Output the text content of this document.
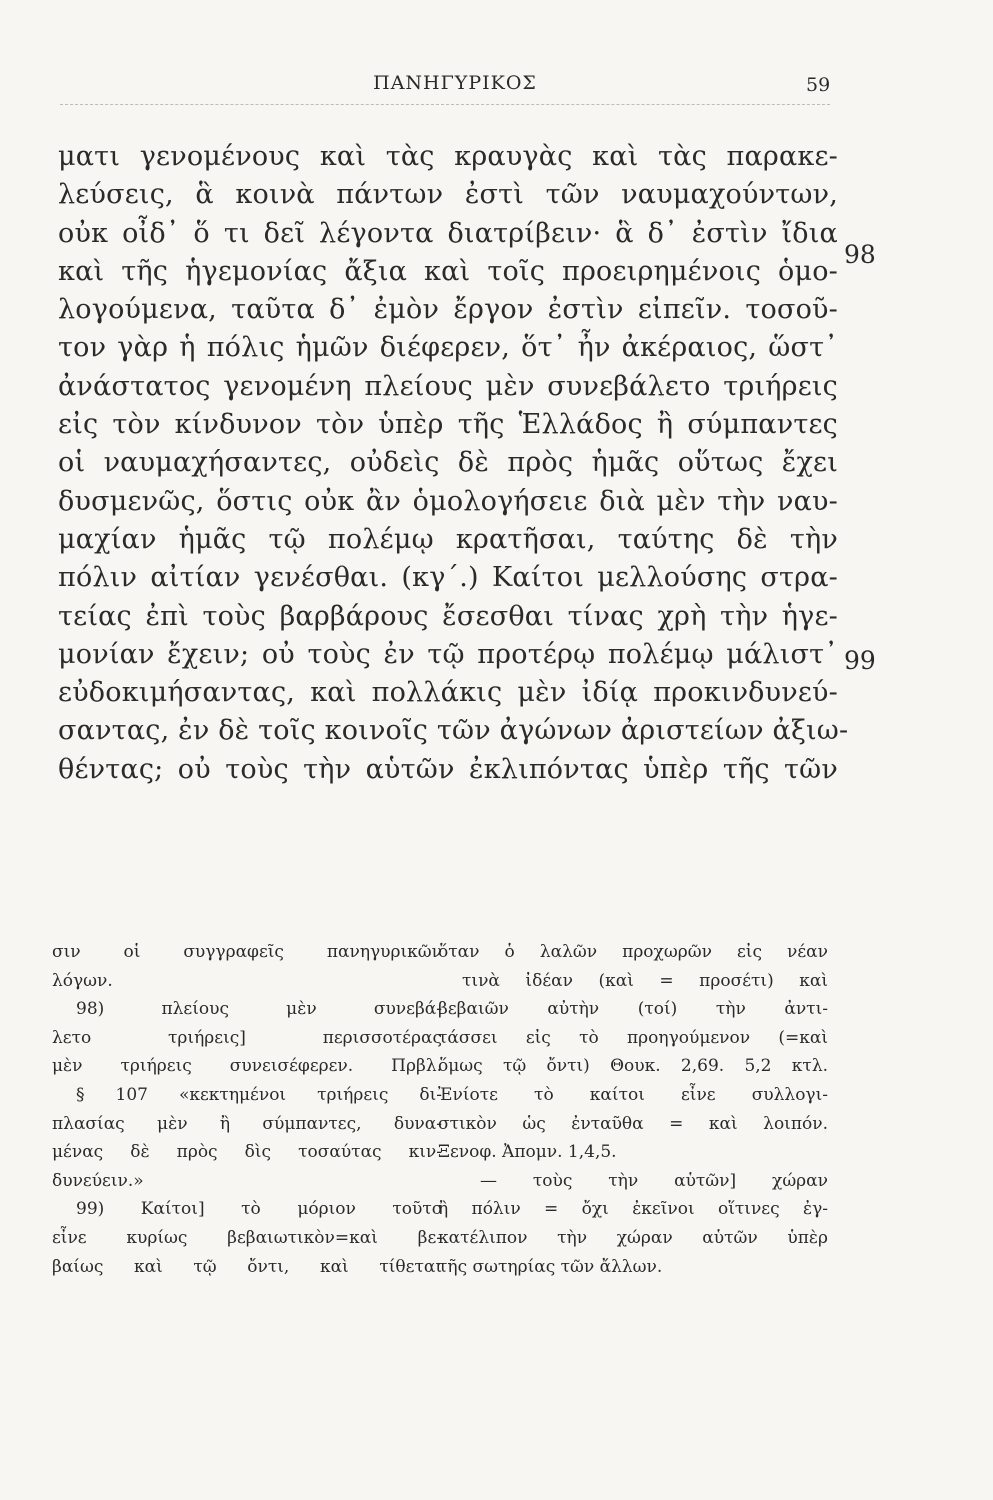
ΠΑΝΗΓΥΡΙΚΟΣ	59
ματι γενομένους καὶ τὰς κραυγὰς καὶ τὰς παρακε-
λεύσεις, ἃ κοινὰ πάντων ἐστὶ τῶν ναυμαχούντων,
οὐκ οἶδ᾽ ὅ τι δεῖ λέγοντα διατρίβειν· ἃ δ᾽ ἐστὶν ἴδια
καὶ τῆς ἡγεμονίας ἄξια καὶ τοῖς προειρημένοις ὁμο-
λογούμενα, ταῦτα δ᾽ ἐμὸν ἔργον ἐστὶν εἰπεῖν. τοσοῦ-
τον γὰρ ἡ πόλις ἡμῶν διέφερεν, ὅτ᾽ ἦν ἀκέραιος, ὥστ᾽
ἀνάστατος γενομένη πλείους μὲν συνεβάλετο τριήρεις
εἰς τὸν κίνδυνον τὸν ὑπὲρ τῆς Ἑλλάδος ἢ σύμπαντες
οἱ ναυμαχήσαντες, οὐδεὶς δὲ πρὸς ἡμᾶς οὕτως ἔχει
δυσμενῶς, ὅστις οὐκ ἂν ὁμολογήσειε διὰ μὲν τὴν ναυ-
μαχίαν ἡμᾶς τῷ πολέμῳ κρατῆσαι, ταύτης δὲ τὴν
πόλιν αἰτίαν γενέσθαι. (κγ΄.) Καίτοι μελλούσης στρα-
τείας ἐπὶ τοὺς βαρβάρους ἔσεσθαι τίνας χρὴ τὴν ἡγε-
μονίαν ἔχειν; οὐ τοὺς ἐν τῷ προτέρῳ πολέμῳ μάλιστ᾽
εὐδοκιμήσαντας, καὶ πολλάκις μὲν ἰδίᾳ προκινδυνεύ-
σαντας, ἐν δὲ τοῖς κοινοῖς τῶν ἀγώνων ἀριστείων ἀξιω-
θέντας; οὐ τοὺς τὴν αὑτῶν ἐκλιπόντας ὑπὲρ τῆς τῶν
98
99
σιν οἱ συγγραφεῖς πανηγυρικῶν
λόγων.
98) πλείους μὲν συνεβά-
λετο τριήρεις] περισσοτέρας
μὲν τριήρεις συνεισέφερεν. Πρβλ.
§ 107 «κεκτημένοι τριήρεις δι-
πλασίας μὲν ἢ σύμπαντες, δυνα-
μένας δὲ πρὸς δὶς τοσαύτας κιν-
δυνεύειν.»
99) Καίτοι] τὸ μόριον τοῦτο
εἶνε κυρίως βεβαιωτικὸν=καὶ βε-
βαίως καὶ τῷ ὄντι, καὶ τίθεται
ὅταν ὁ λαλῶν προχωρῶν εἰς νέαν
τινὰ ἰδέαν (καὶ = προσέτι) καὶ
βεβαιῶν αὐτὴν (τοί) τὴν ἀντι-
τάσσει εἰς τὸ προηγούμενον (=καὶ
ὅμως τῷ ὄντι) Θουκ. 2,69. 5,2 κτλ.
Ἐνίοτε τὸ καίτοι εἶνε συλλογι-
στικὸν ὡς ἐνταῦθα = καὶ λοιπόν.
Ξενοφ. Ἀπομν. 1,4,5.
— τοὺς τὴν αὑτῶν] χώραν
ἢ πόλιν = ὄχι ἐκεῖνοι οἵτινες ἐγ-
κατέλιπον τὴν χώραν αὑτῶν ὑπὲρ
τῆς σωτηρίας τῶν ἄλλων.
